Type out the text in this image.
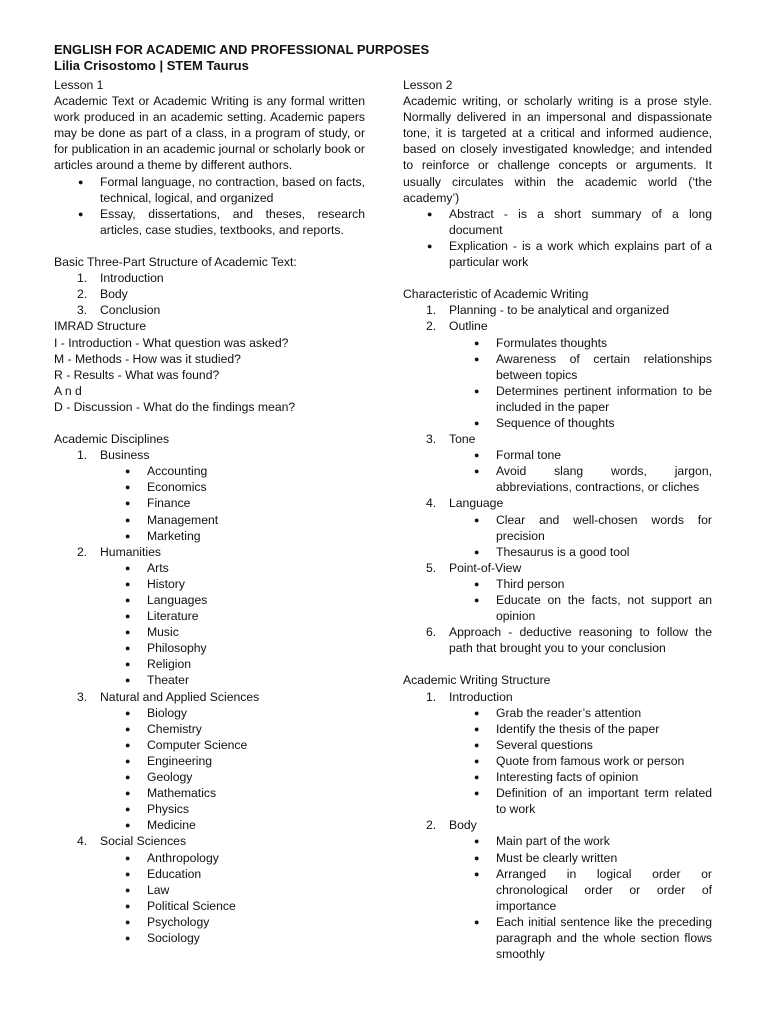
ENGLISH FOR ACADEMIC AND PROFESSIONAL PURPOSES
Lilia Crisostomo | STEM Taurus
Lesson 1
Academic Text or Academic Writing is any formal written work produced in an academic setting. Academic papers may be done as part of a class, in a program of study, or for publication in an academic journal or scholarly book or articles around a theme by different authors.
● Formal language, no contraction, based on facts, technical, logical, and organized
● Essay, dissertations, and theses, research articles, case studies, textbooks, and reports.
Basic Three-Part Structure of Academic Text:
1. Introduction
2. Body
3. Conclusion
IMRAD Structure
I - Introduction - What question was asked?
M - Methods - How was it studied?
R - Results - What was found?
A n d
D - Discussion - What do the findings mean?
Academic Disciplines
1. Business
● Accounting
● Economics
● Finance
● Management
● Marketing
2. Humanities
● Arts
● History
● Languages
● Literature
● Music
● Philosophy
● Religion
● Theater
3. Natural and Applied Sciences
● Biology
● Chemistry
● Computer Science
● Engineering
● Geology
● Mathematics
● Physics
● Medicine
4. Social Sciences
● Anthropology
● Education
● Law
● Political Science
● Psychology
● Sociology
Lesson 2
Academic writing, or scholarly writing is a prose style. Normally delivered in an impersonal and dispassionate tone, it is targeted at a critical and informed audience, based on closely investigated knowledge; and intended to reinforce or challenge concepts or arguments. It usually circulates within the academic world (‘the academy’)
● Abstract - is a short summary of a long document
● Explication - is a work which explains part of a particular work
Characteristic of Academic Writing
1. Planning - to be analytical and organized
2. Outline
● Formulates thoughts
● Awareness of certain relationships between topics
● Determines pertinent information to be included in the paper
● Sequence of thoughts
3. Tone
● Formal tone
● Avoid slang words, jargon, abbreviations, contractions, or cliches
4. Language
● Clear and well-chosen words for precision
● Thesaurus is a good tool
5. Point-of-View
● Third person
● Educate on the facts, not support an opinion
6. Approach - deductive reasoning to follow the path that brought you to your conclusion
Academic Writing Structure
1. Introduction
● Grab the reader’s attention
● Identify the thesis of the paper
● Several questions
● Quote from famous work or person
● Interesting facts of opinion
● Definition of an important term related to work
2. Body
● Main part of the work
● Must be clearly written
● Arranged in logical order or chronological order or order of importance
● Each initial sentence like the preceding paragraph and the whole section flows smoothly
